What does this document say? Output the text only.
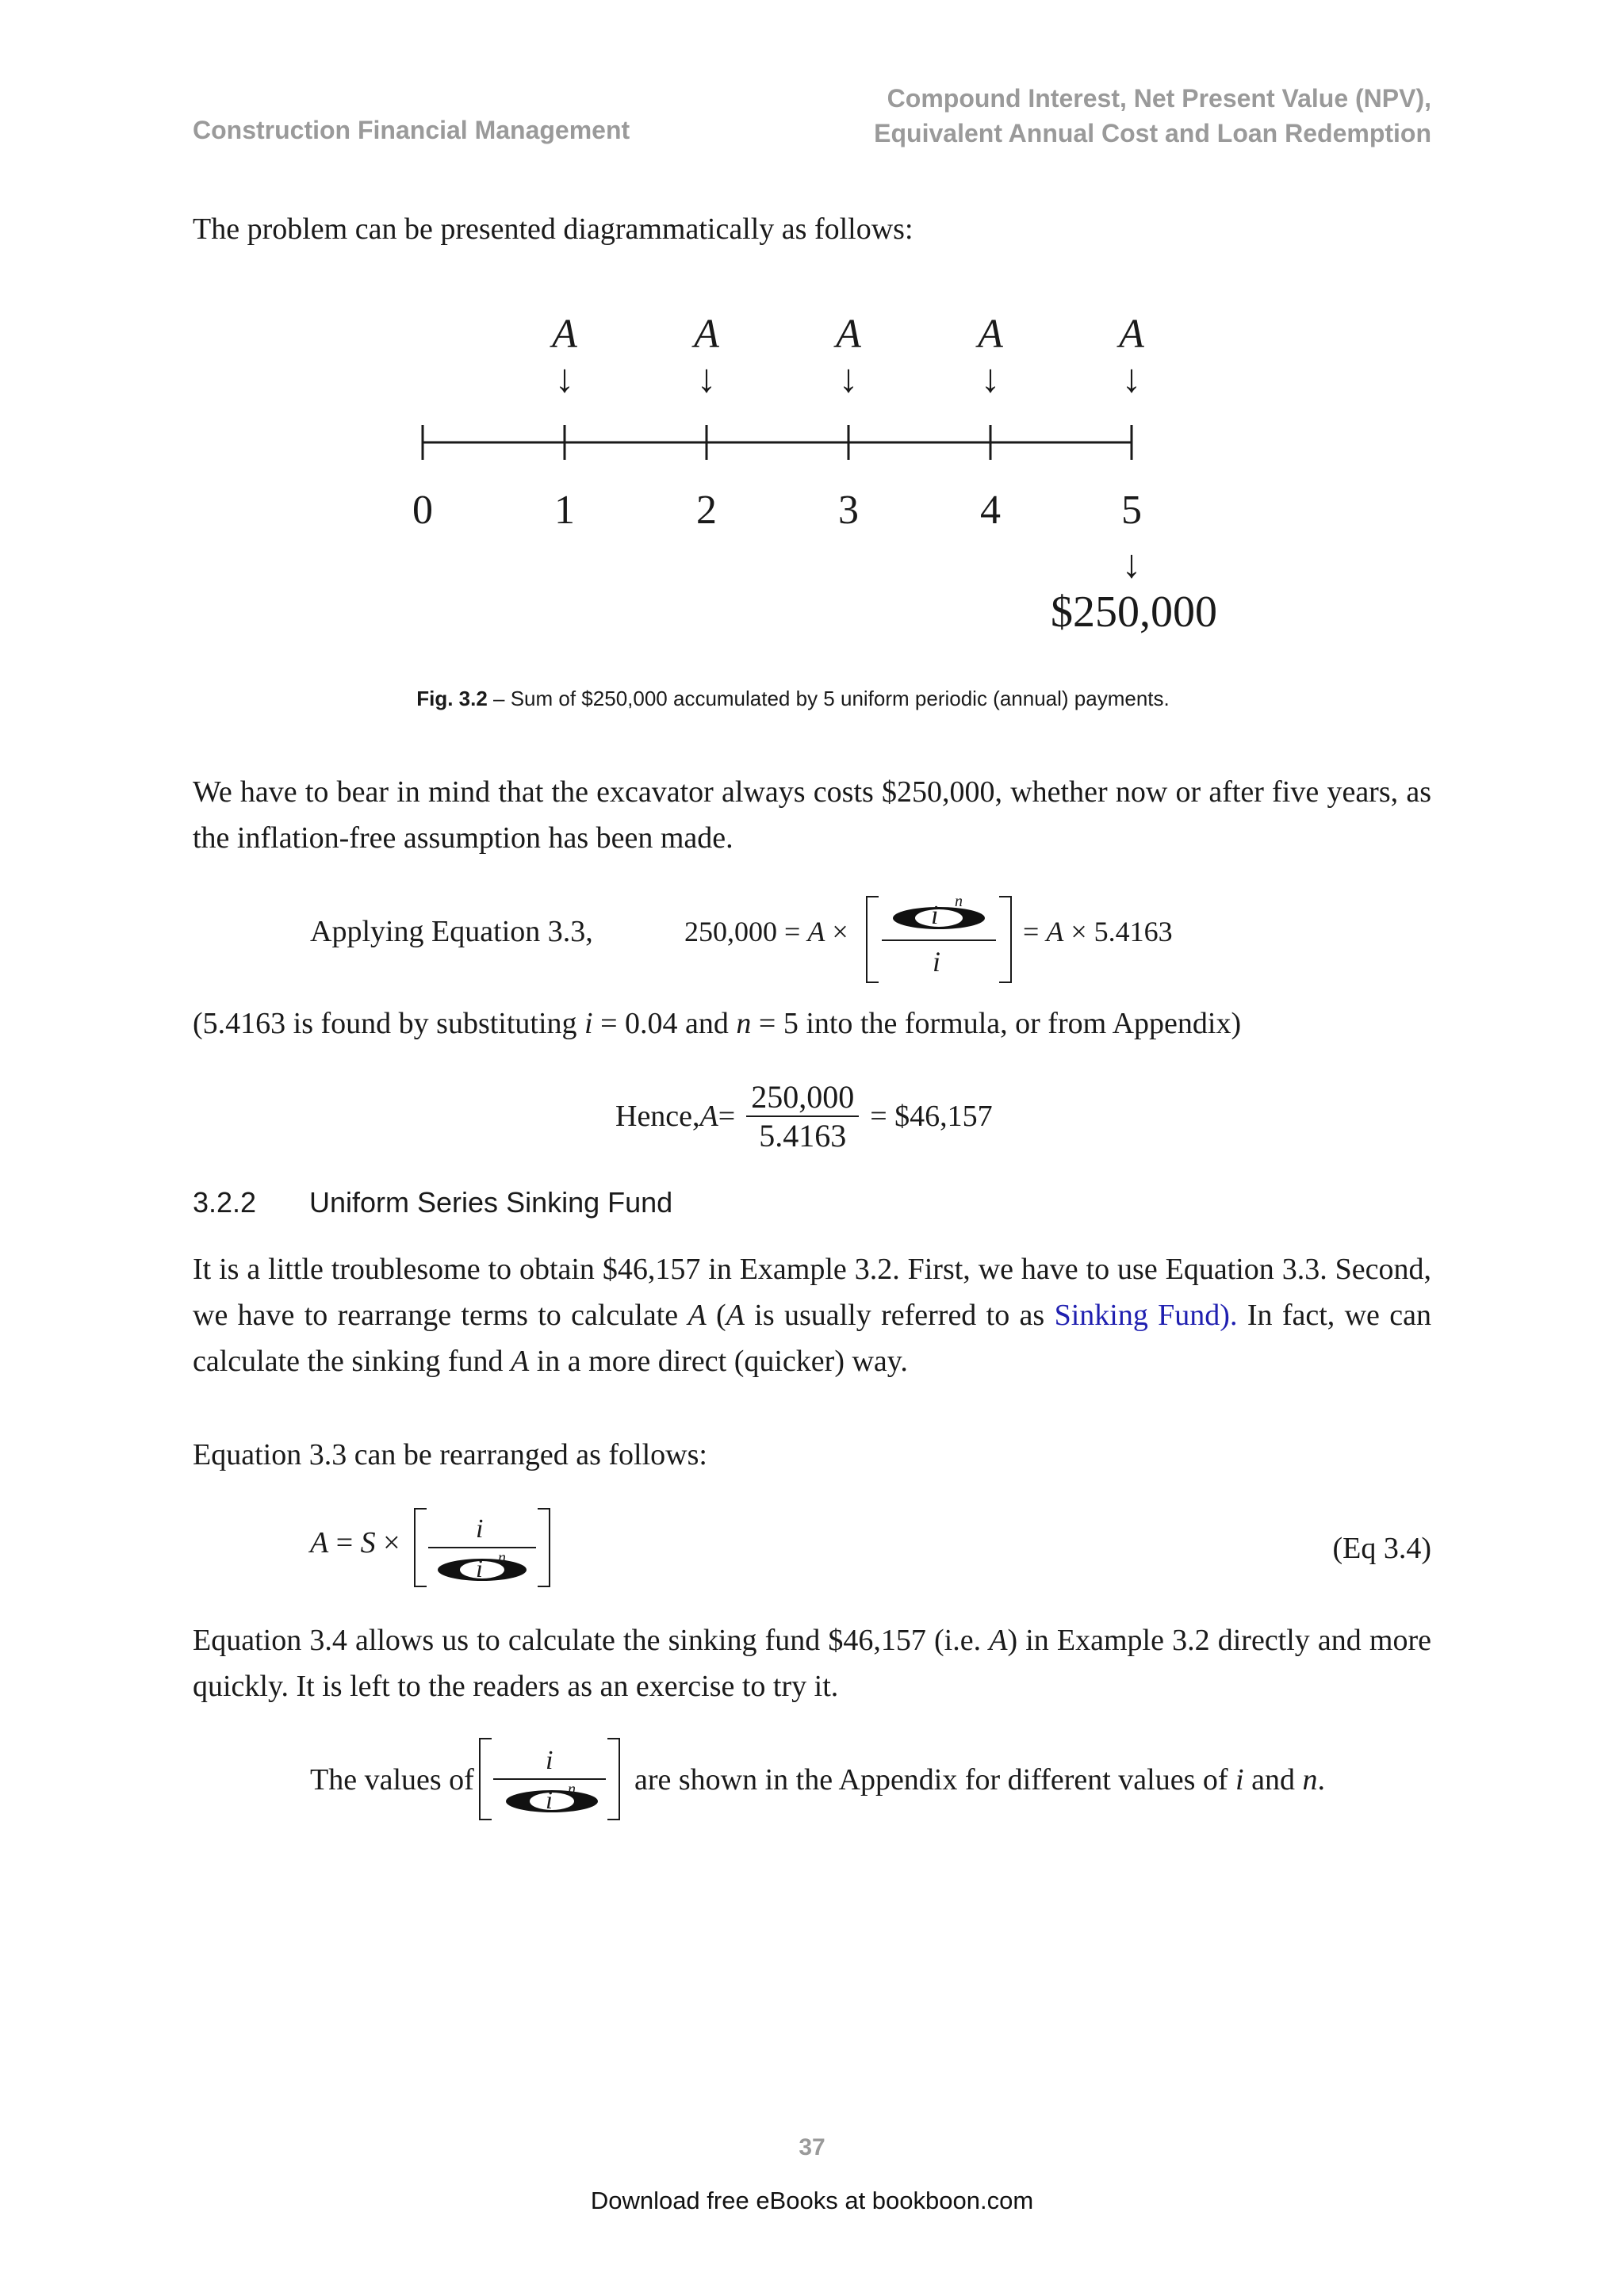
Construction Financial Management
Compound Interest, Net Present Value (NPV),
Equivalent Annual Cost and Loan Redemption
The problem can be presented diagrammatically as follows:
A	A	A	A	A
↓	↓	↓	↓	↓
0	1	2	3	4	5
↓
$250,000
Fig. 3.2 – Sum of $250,000 accumulated by 5 uniform periodic (annual) payments.
We have to bear in mind that the excavator always costs $250,000, whether now or after five years, as the inflation-free assumption has been made.
Applying Equation 3.3,	250,000 = A ×
i n
i
= A × 5.4163
(5.4163 is found by substituting i = 0.04 and n = 5 into the formula, or from Appendix)
Hence, $A = \frac{250,000}{5.4163}$ = $46,157
3.2.2 Uniform Series Sinking Fund
It is a little troublesome to obtain $46,157 in Example 3.2. First, we have to use Equation 3.3. Second, we have to rearrange terms to calculate A (A is usually referred to as Sinking Fund). In fact, we can calculate the sinking fund A in a more direct (quicker) way.
Equation 3.3 can be rearranged as follows:
A = S ×	i
i n	(Eq 3.4)
Equation 3.4 allows us to calculate the sinking fund $46,157 (i.e. A) in Example 3.2 directly and more quickly. It is left to the readers as an exercise to try it.
The values of
i
i n are shown in the Appendix for different values of i and n.
37
Download free eBooks at bookboon.com
